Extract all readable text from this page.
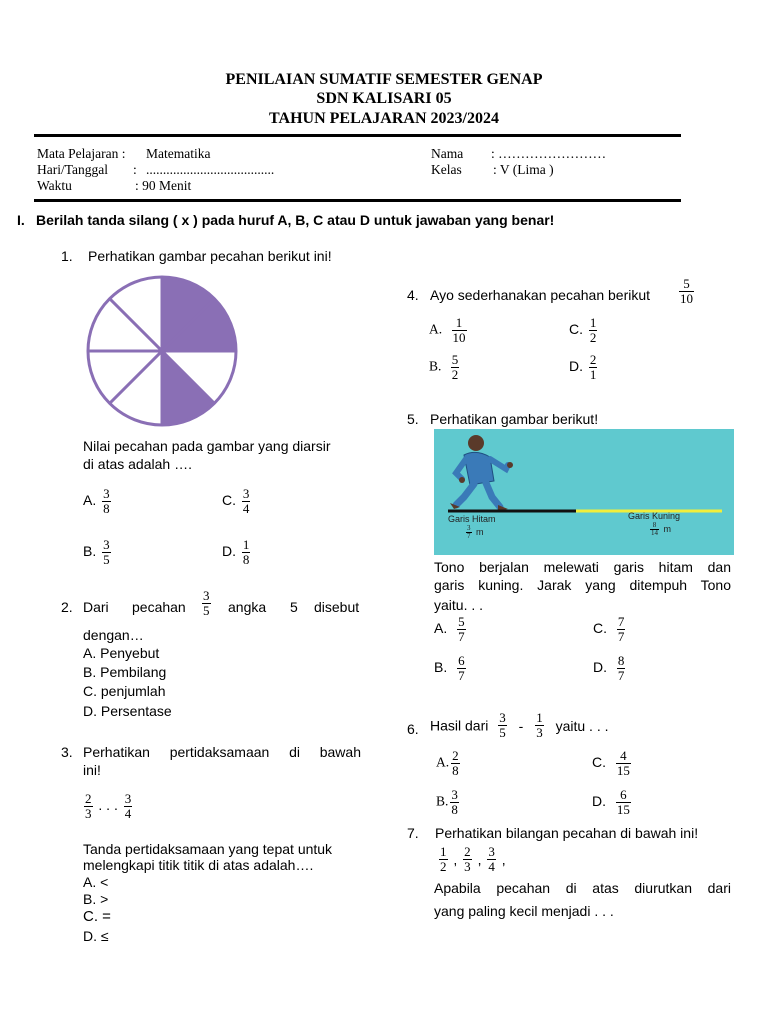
PENILAIAN SUMATIF SEMESTER GENAP
SDN KALISARI 05
TAHUN PELAJARAN 2023/2024
Mata Pelajaran : Matematika
Hari/Tanggal : ......................................
Waktu	: 90 Menit
Nama : ……………………
Kelas : V (Lima )
I. Berilah tanda silang ( x ) pada huruf A, B, C atau D untuk jawaban yang benar!
1. Perhatikan gambar pecahan berikut ini!
Nilai pecahan pada gambar yang diarsir
di atas adalah ….
A. $\frac{3}{8}$	C. $\frac{3}{4}$
B. $\frac{3}{5}$	D. $\frac{1}{8}$
2. Dari pecahan $\frac{3}{5}$ angka 5 disebut
dengan…
A. Penyebut
B. Pembilang
C. penjumlah
D. Persentase
3. Perhatikan pertidaksamaan di bawah
ini!
$\frac{2}{3}$ . . . $\frac{3}{4}$
Tanda pertidaksamaan yang tepat untuk
melengkapi titik titik di atas adalah….
A. <
B. >
C. =
D. ≤
4. Ayo sederhanakan pecahan berikut $\frac{5}{10}$
A. $\frac{1}{10}$	C. $\frac{1}{2}$
B. $\frac{5}{2}$	D. $\frac{2}{1}$
5. Perhatikan gambar berikut!
Garis Hitam
$\frac{3}{7}$ m
Garis Kuning
$\frac{8}{14}$ m
Tono berjalan melewati garis hitam dan
garis kuning. Jarak yang ditempuh Tono
yaitu. . .
A. $\frac{5}{7}$	C. $\frac{7}{7}$
B. $\frac{6}{7}$	D. $\frac{8}{7}$
6. Hasil dari $\frac{3}{5} - \frac{1}{3}$ yaitu . . .
A. $\frac{2}{8}$	C. $\frac{4}{15}$
B. $\frac{3}{8}$	D. $\frac{6}{15}$
7. Perhatikan bilangan pecahan di bawah ini!
$\frac{1}{2}$ , $\frac{2}{3}$ , $\frac{3}{4}$ ,
Apabila pecahan di atas diurutkan dari
yang paling kecil menjadi . . .
